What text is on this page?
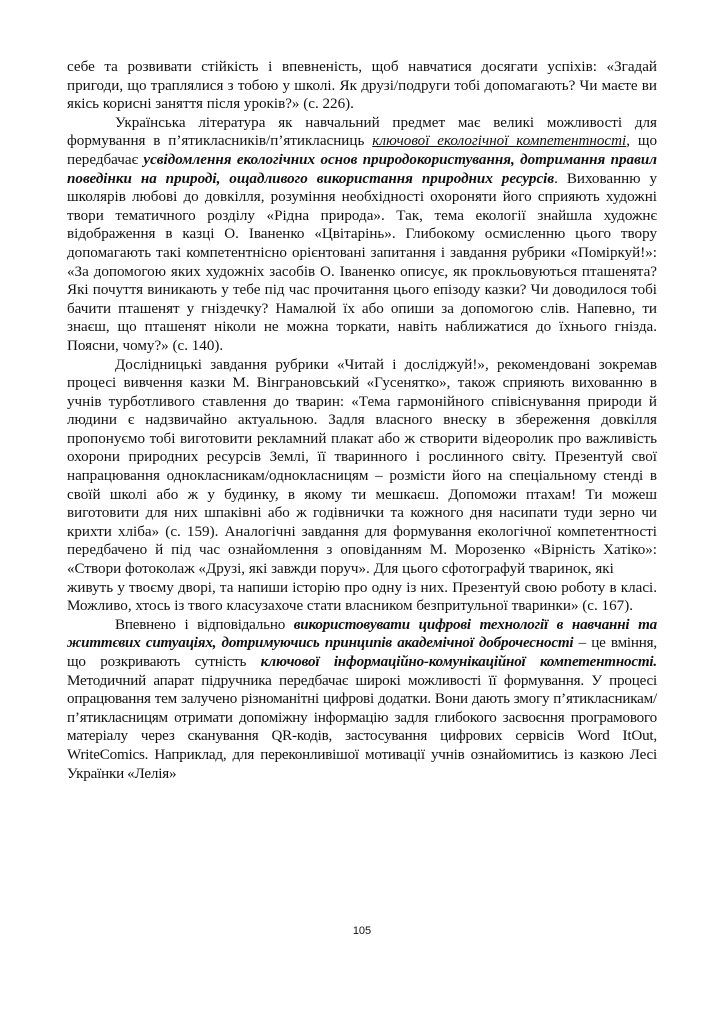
себе та розвивати стійкість і впевненість, щоб навчатися досягати успіхів: «Згадай пригоди, що траплялися з тобою у школі. Як друзі/подруги тобі допомагають? Чи маєте ви якісь корисні заняття після уроків?» (с. 226).

Українська література як навчальний предмет має великі можливості для формування в п’ятикласників/п’ятикласниць ключової екологічної компетентності, що передбачає усвідомлення екологічних основ природокористування, дотримання правил поведінки на природі, ощадливого використання природних ресурсів. Вихованню у школярів любові до довкілля, розуміння необхідності охороняти його сприяють художні твори тематичного розділу «Рідна природа». Так, тема екології знайшла художнє відображення в казці О. Іваненко «Цвітарінь». Глибокому осмисленню цього твору допомагають такі компетентнісно орієнтовані запитання і завдання рубрики «Поміркуй!»: «За допомогою яких художніх засобів О. Іваненко описує, як прокльовуються пташенята? Які почуття виникають у тебе під час прочитання цього епізоду казки? Чи доводилося тобі бачити пташенят у гніздечку? Намалюй їх або опиши за допомогою слів. Напевно, ти знаєш, що пташенят ніколи не можна торкати, навіть наближатися до їхнього гнізда. Поясни, чому?» (с. 140).

Дослідницькі завдання рубрики «Читай і досліджуй!», рекомендовані зокремав процесі вивчення казки М. Вінграновський «Гусенятко», також сприяють вихованню в учнів турботливого ставлення до тварин: «Тема гармонійного співіснування природи й людини є надзвичайно актуальною. Задля власного внеску в збереження довкілля пропонуємо тобі виготовити рекламний плакат або ж створити відеоролик про важливість охорони природних ресурсів Землі, її тваринного і рослинного світу. Презентуй свої напрацювання однокласникам/однокласницям – розмісти його на спеціальному стенді в своїй школі або ж у будинку, в якому ти мешкаєш. Допоможи птахам! Ти можеш виготовити для них шпаківні або ж годівнички та кожного дня насипати туди зерно чи крихти хліба» (с. 159). Аналогічні завдання для формування екологічної компетентності передбачено й під час ознайомлення з оповіданням М. Морозенко «Вірність Хатіко»: «Створи фотоколаж «Друзі, які завжди поруч». Для цього сфотографуй тваринок, які

живуть у твоєму дворі, та напиши історію про одну із них. Презентуй свою роботу в класі. Можливо, хтось із твого класузахоче стати власником безпритульної тваринки» (с. 167).

Впевнено і відповідально використовувати цифрові технології в навчанні та життєвих ситуаціях, дотримуючись принципів академічної доброчесності – це вміння, що розкривають сутність ключової інформаційно-комунікаційної компетентності. Методичний апарат підручника передбачає широкі можливості її формування. У процесі опрацювання тем залучено різноманітні цифрові додатки. Вони дають змогу п’ятикласникам/п’ятикласницям отримати допоміжну інформацію задля глибокого засвоєння програмового матеріалу через сканування QR-кодів, застосування цифрових сервісів Word ItOut, WriteComics. Наприклад, для переконливішої мотивації учнів ознайомитись із казкою Лесі Українки «Лелія»

105
